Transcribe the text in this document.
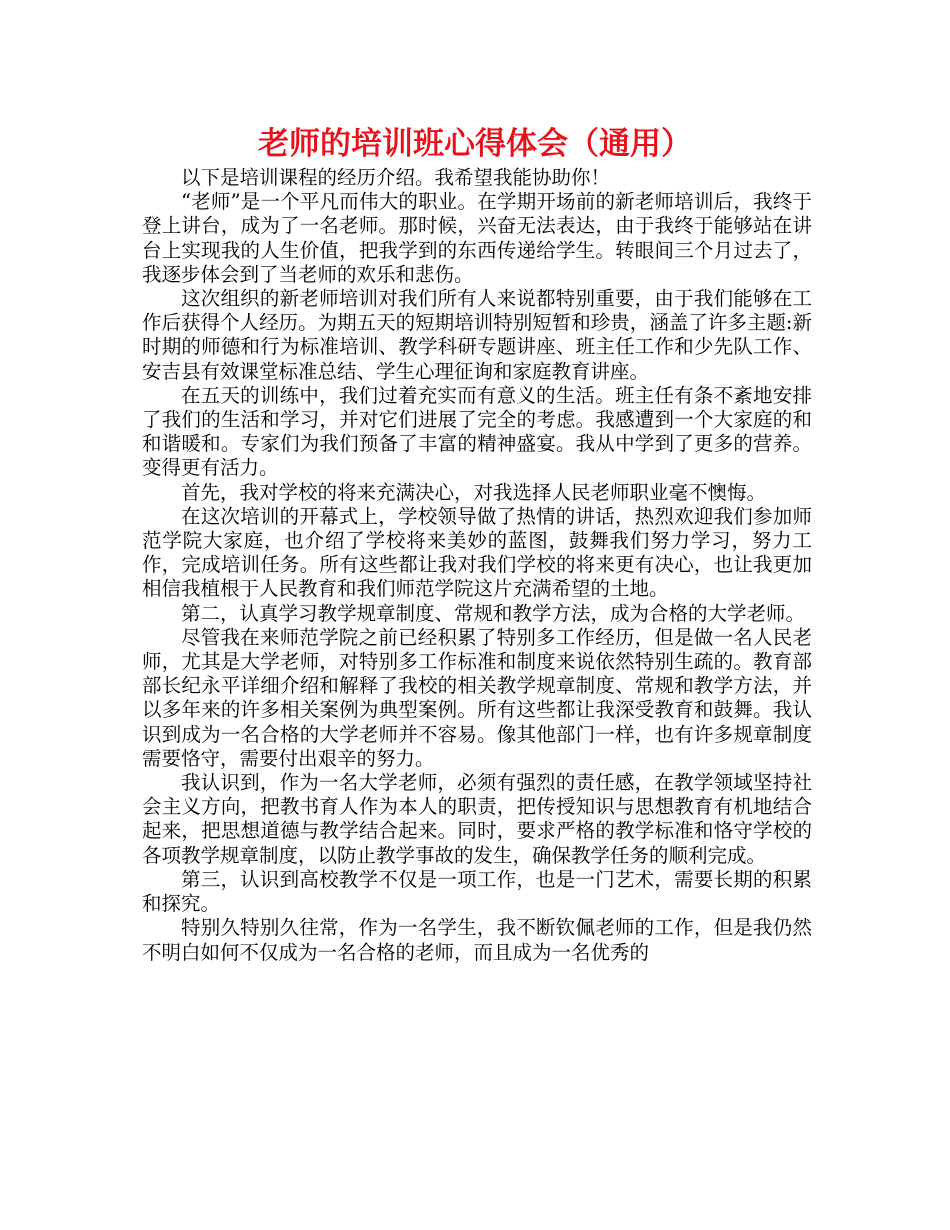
老师的培训班心得体会（通用）

以下是培训课程的经历介绍。我希望我能协助你！

“老师”是一个平凡而伟大的职业。在学期开场前的新老师培训后，我终于登上讲台，成为了一名老师。那时候，兴奋无法表达，由于我终于能够站在讲台上实现我的人生价值，把我学到的东西传递给学生。转眼间三个月过去了，我逐步体会到了当老师的欢乐和悲伤。

这次组织的新老师培训对我们所有人来说都特别重要，由于我们能够在工作后获得个人经历。为期五天的短期培训特别短暂和珍贵，涵盖了许多主题:新时期的师德和行为标准培训、教学科研专题讲座、班主任工作和少先队工作、安吉县有效课堂标准总结、学生心理征询和家庭教育讲座。

在五天的训练中，我们过着充实而有意义的生活。班主任有条不紊地安排了我们的生活和学习，并对它们进展了完全的考虑。我感遭到一个大家庭的和和谐暖和。专家们为我们预备了丰富的精神盛宴。我从中学到了更多的营养。变得更有活力。

首先，我对学校的将来充满决心，对我选择人民老师职业毫不懊悔。

在这次培训的开幕式上，学校领导做了热情的讲话，热烈欢迎我们参加师范学院大家庭，也介绍了学校将来美妙的蓝图，鼓舞我们努力学习，努力工作，完成培训任务。所有这些都让我对我们学校的将来更有决心，也让我更加相信我植根于人民教育和我们师范学院这片充满希望的土地。

第二，认真学习教学规章制度、常规和教学方法，成为合格的大学老师。

尽管我在来师范学院之前已经积累了特别多工作经历，但是做一名人民老师，尤其是大学老师，对特别多工作标准和制度来说依然特别生疏的。教育部部长纪永平详细介绍和解释了我校的相关教学规章制度、常规和教学方法，并以多年来的许多相关案例为典型案例。所有这些都让我深受教育和鼓舞。我认识到成为一名合格的大学老师并不容易。像其他部门一样，也有许多规章制度需要恪守，需要付出艰辛的努力。

我认识到，作为一名大学老师，必须有强烈的责任感，在教学领域坚持社会主义方向，把教书育人作为本人的职责，把传授知识与思想教育有机地结合起来，把思想道德与教学结合起来。同时，要求严格的教学标准和恪守学校的各项教学规章制度，以防止教学事故的发生，确保教学任务的顺利完成。

第三，认识到高校教学不仅是一项工作，也是一门艺术，需要长期的积累和探究。

特别久特别久往常，作为一名学生，我不断钦佩老师的工作，但是我仍然不明白如何不仅成为一名合格的老师，而且成为一名优秀的
